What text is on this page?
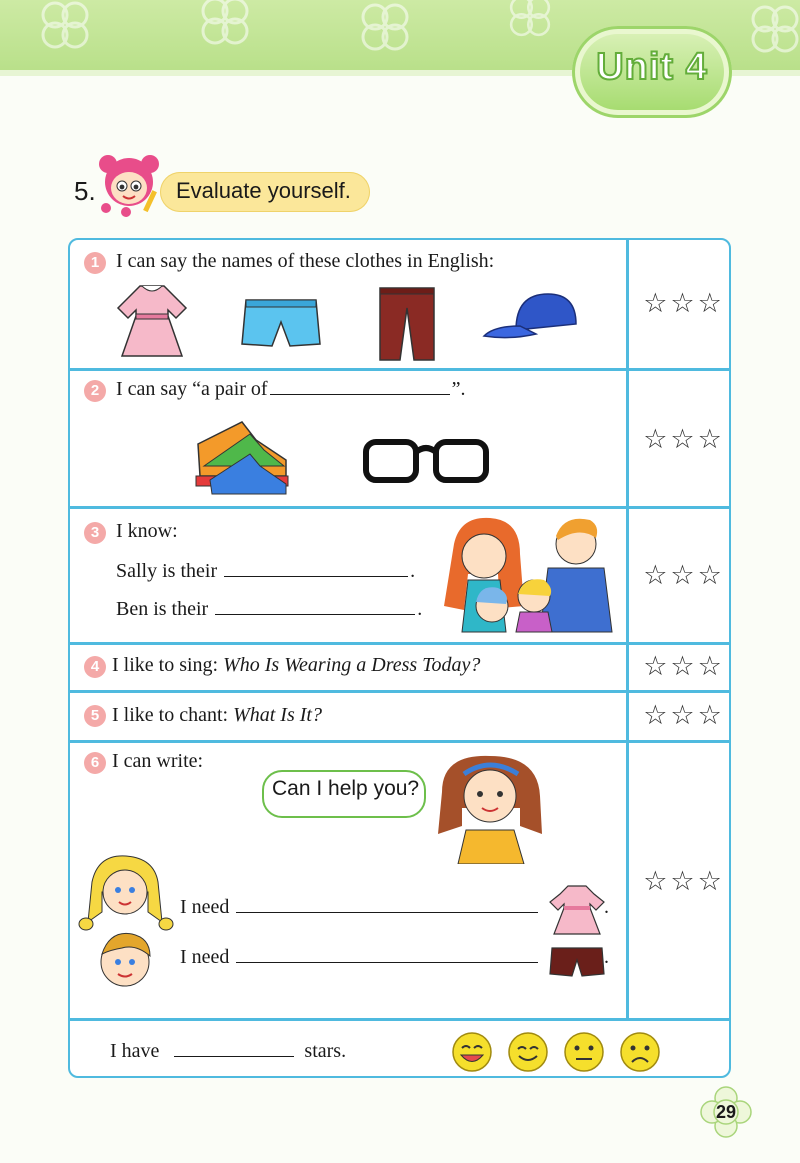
Unit 4
5.	Evaluate yourself.
1 I can say the names of these clothes in English:
☆☆☆
2 I can say “a pair of	”.
☆☆☆
3 I know:
Sally is their	.
Ben is their	.
☆☆☆
4 I like to sing: Who Is Wearing a Dress Today?	☆☆☆
5 I like to chant: What Is It?	☆☆☆
6 I can write:
Can I help you?
I need	.
I need	.
☆☆☆
I have	stars.
29
